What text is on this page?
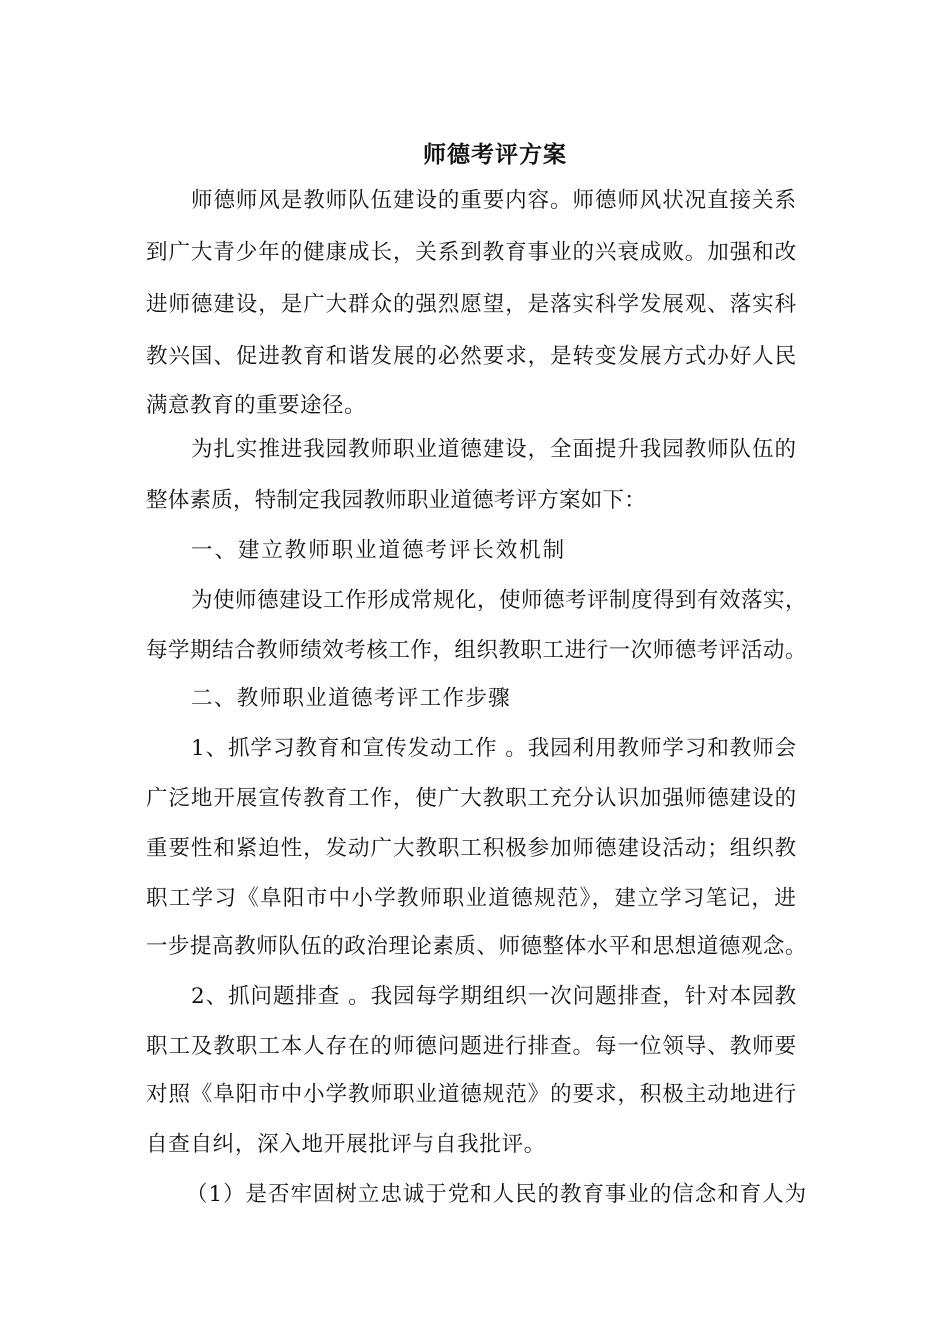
师德考评方案
师德师风是教师队伍建设的重要内容。师德师风状况直接关系
到广大青少年的健康成长，关系到教育事业的兴衰成败。加强和改
进师德建设，是广大群众的强烈愿望，是落实科学发展观、落实科
教兴国、促进教育和谐发展的必然要求，是转变发展方式办好人民
满意教育的重要途径。
为扎实推进我园教师职业道德建设，全面提升我园教师队伍的
整体素质，特制定我园教师职业道德考评方案如下：
一、建立教师职业道德考评长效机制
为使师德建设工作形成常规化，使师德考评制度得到有效落实，
每学期结合教师绩效考核工作，组织教职工进行一次师德考评活动。
二、教师职业道德考评工作步骤
1、抓学习教育和宣传发动工作 。我园利用教师学习和教师会
广泛地开展宣传教育工作，使广大教职工充分认识加强师德建设的
重要性和紧迫性，发动广大教职工积极参加师德建设活动；组织教
职工学习《阜阳市中小学教师职业道德规范》，建立学习笔记，进
一步提高教师队伍的政治理论素质、师德整体水平和思想道德观念。
2、抓问题排查 。我园每学期组织一次问题排查，针对本园教
职工及教职工本人存在的师德问题进行排查。每一位领导、教师要
对照《阜阳市中小学教师职业道德规范》的要求，积极主动地进行
自查自纠，深入地开展批评与自我批评。
（1）是否牢固树立忠诚于党和人民的教育事业的信念和育人为
